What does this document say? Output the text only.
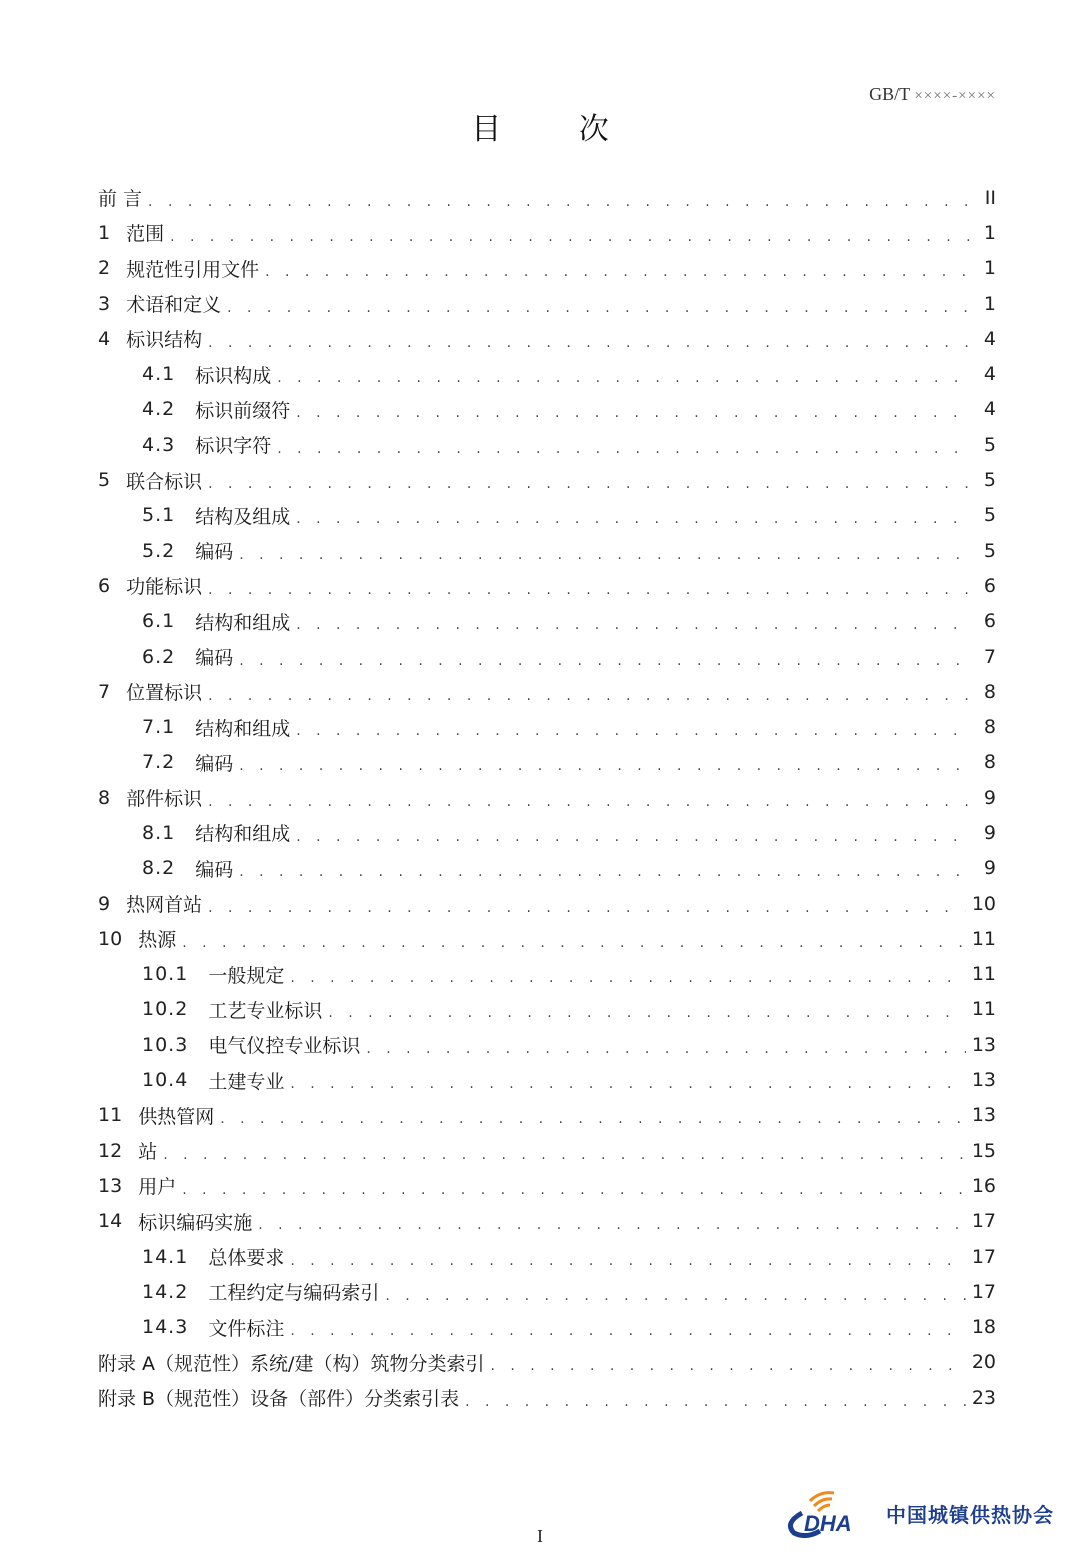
GB/T ××××-××××
目 次
前 言 . . .	II
1 范围 . . .	1
2 规范性引用文件 . . .	1
3 术语和定义 . . .	1
4 标识结构 . . .	4
4.1 标识构成 . . .	4
4.2 标识前缀符 . . .	4
4.3 标识字符 . . .	5
5 联合标识 . . .	5
5.1 结构及组成 . . .	5
5.2 编码 . . .	5
6 功能标识 . . .	6
6.1 结构和组成 . . .	6
6.2 编码 . . .	7
7 位置标识 . . .	8
7.1 结构和组成 . . .	8
7.2 编码 . . .	8
8 部件标识 . . .	9
8.1 结构和组成 . . .	9
8.2 编码 . . .	9
9 热网首站 . . .	10
10 热源 . . .	11
10.1 一般规定 . . .	11
10.2 工艺专业标识 . . .	11
10.3 电气仪控专业标识 . . .	13
10.4 土建专业 . . .	13
11 供热管网 . . .	13
12 站 . . .	15
13 用户 . . .	16
14 标识编码实施 . . .	17
14.1 总体要求 . . .	17
14.2 工程约定与编码索引 . . .	17
14.3 文件标注 . . .	18
附录 A（规范性）系统/建（构）筑物分类索引 . . .	20
附录 B（规范性）设备（部件）分类索引表 . . .	23
I	DHA 中国城镇供热协会
